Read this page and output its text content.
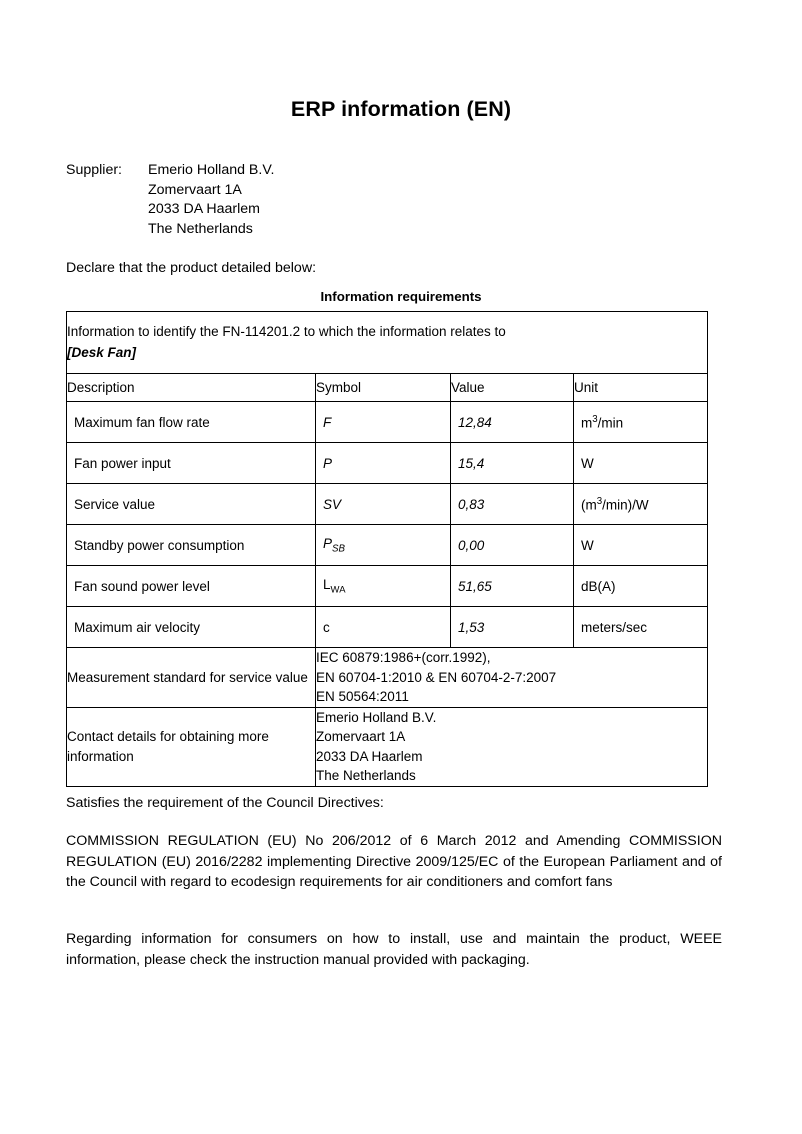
ERP information (EN)
Supplier:	Emerio Holland B.V.
Zomervaart 1A
2033 DA Haarlem
The Netherlands
Declare that the product detailed below:
Information requirements
Information to identify the FN-114201.2 to which the information relates to
[Desk Fan]			

Description	Symbol	Value	Unit
Maximum fan flow rate	F	12,84	$m^3/\min$
Fan power input	P	15,4	W
Service value	SV	0,83	$(m^3/\min)/W$
Standby power consumption	$P_{SB}$	0,00	W
Fan sound power level	$L_{WA}$	51,65	dB(A)
Maximum air velocity	c	1,53	meters/sec
Measurement standard for service value	IEC 60879:1986+(corr.1992),
EN 60704-1:2010 & EN 60704-2-7:2007
EN 50564:2011		

Contact details for obtaining more information	Emerio Holland B.V.
Zomervaart 1A
2033 DA Haarlem
The Netherlands		
Satisfies the requirement of the Council Directives:
COMMISSION REGULATION (EU) No 206/2012 of 6 March 2012 and Amending COMMISSION REGULATION (EU) 2016/2282 implementing Directive 2009/125/EC of the European Parliament and of the Council with regard to ecodesign requirements for air conditioners and comfort fans
Regarding information for consumers on how to install, use and maintain the product, WEEE information, please check the instruction manual provided with packaging.
